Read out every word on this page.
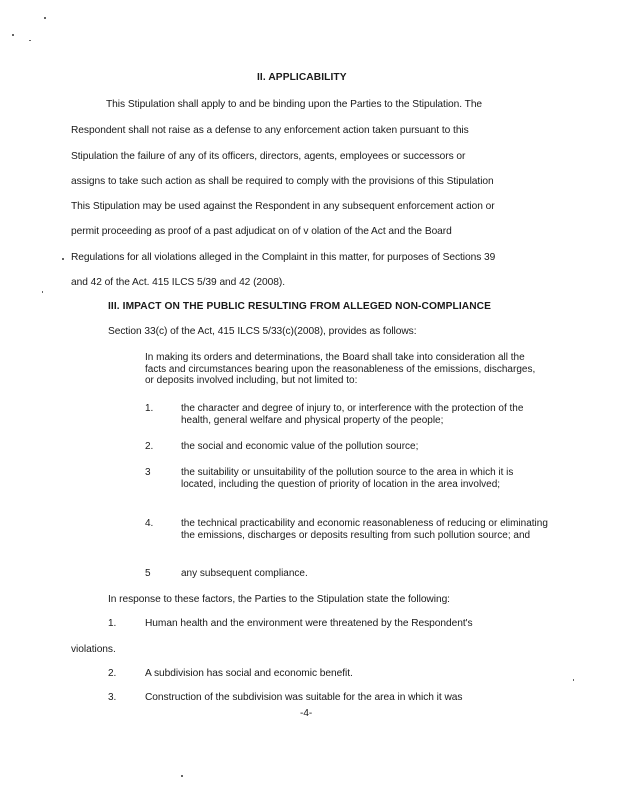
II. APPLICABILITY
This Stipulation shall apply to and be binding upon the Parties to the Stipulation. The
Respondent shall not raise as a defense to any enforcement action taken pursuant to this
Stipulation the failure of any of its officers, directors, agents, employees or successors or
assigns to take such action as shall be required to comply with the provisions of this Stipulation
This Stipulation may be used against the Respondent in any subsequent enforcement action or
permit proceeding as proof of a past adjudicat on of v olation of the Act and the Board
Regulations for all violations alleged in the Complaint in this matter, for purposes of Sections 39
and 42 of the Act. 415 ILCS 5/39 and 42 (2008).
III. IMPACT ON THE PUBLIC RESULTING FROM ALLEGED NON-COMPLIANCE
Section 33(c) of the Act, 415 ILCS 5/33(c)(2008), provides as follows:
In making its orders and determinations, the Board shall take into consideration all the facts and circumstances bearing upon the reasonableness of the emissions, discharges, or deposits involved including, but not limited to:
1.	the character and degree of injury to, or interference with the protection of the health, general welfare and physical property of the people;
2.	the social and economic value of the pollution source;
3	the suitability or unsuitability of the pollution source to the area in which it is located, including the question of priority of location in the area involved;
4.	the technical practicability and economic reasonableness of reducing or eliminating the emissions, discharges or deposits resulting from such pollution source; and
5	any subsequent compliance.
In response to these factors, the Parties to the Stipulation state the following:
1.	Human health and the environment were threatened by the Respondent's
violations.
2.	A subdivision has social and economic benefit.
3.	Construction of the subdivision was suitable for the area in which it was
-4-
